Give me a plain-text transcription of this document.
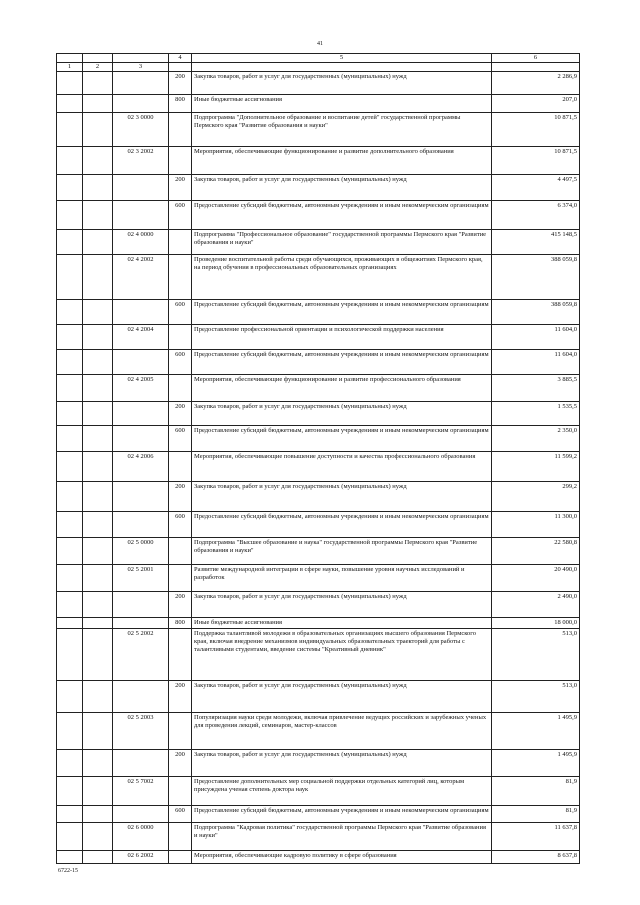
41
			4	5	6
1	2	3			
			200	Закупка товаров, работ и услуг для государственных (муниципальных) нужд	2 286,9
			800	Иные бюджетные ассигнования	207,0
		02 3 0000		Подпрограмма "Дополнительное образование и воспитание детей" государственной программы Пермского края "Развитие образования и науки"	10 871,5
		02 3 2002		Мероприятия, обеспечивающие функционирование и развитие дополнительного образования	10 871,5
			200	Закупка товаров, работ и услуг для государственных (муниципальных) нужд	4 497,5
			600	Предоставление субсидий бюджетным, автономным учреждениям и иным некоммерческим организациям	6 374,0
		02 4 0000		Подпрограмма "Профессиональное образование" государственной программы Пермского края "Развитие образования и науки"	415 148,5
		02 4 2002		Проведение воспитательной работы среди обучающихся, проживающих в общежитиях Пермского края, на период обучения в профессиональных образовательных организациях	388 059,8
			600	Предоставление субсидий бюджетным, автономным учреждениям и иным некоммерческим организациям	388 059,8
		02 4 2004		Предоставление профессиональной ориентации и психологической поддержки населения	11 604,0
			600	Предоставление субсидий бюджетным, автономным учреждениям и иным некоммерческим организациям	11 604,0
		02 4 2005		Мероприятия, обеспечивающие функционирование и развитие профессионального образования	3 885,5
			200	Закупка товаров, работ и услуг для государственных (муниципальных) нужд	1 535,5
			600	Предоставление субсидий бюджетным, автономным учреждениям и иным некоммерческим организациям	2 350,0
		02 4 2006		Мероприятия, обеспечивающие повышение доступности и качества профессионального образования	11 599,2
			200	Закупка товаров, работ и услуг для государственных (муниципальных) нужд	299,2
			600	Предоставление субсидий бюджетным, автономным учреждениям и иным некоммерческим организациям	11 300,0
		02 5 0000		Подпрограмма "Высшее образование и наука" государственной программы Пермского края "Развитие образования и науки"	22 580,8
		02 5 2001		Развитие международной интеграции в сфере науки, повышение уровня научных исследований и разработок	20 490,0
			200	Закупка товаров, работ и услуг для государственных (муниципальных) нужд	2 490,0
			800	Иные бюджетные ассигнования	18 000,0
		02 5 2002		Поддержка талантливой молодежи в образовательных организациях высшего образования Пермского края, включая внедрение механизмов индивидуальных образовательных траекторий для работы с талантливыми студентами, введение системы "Креативный дневник"	513,0
			200	Закупка товаров, работ и услуг для государственных (муниципальных) нужд	513,0
		02 5 2003		Популяризация науки среди молодежи, включая привлечение ведущих российских и зарубежных ученых для проведения лекций, семинаров, мастер-классов	1 495,9
			200	Закупка товаров, работ и услуг для государственных (муниципальных) нужд	1 495,9
		02 5 7002		Предоставление дополнительных мер социальной поддержки отдельных категорий лиц, которым присуждена ученая степень доктора наук	81,9
			600	Предоставление субсидий бюджетным, автономным учреждениям и иным некоммерческим организациям	81,9
		02 6 0000		Подпрограмма "Кадровая политика" государственной программы Пермского края "Развитие образования и науки"	11 637,8
		02 6 2002		Мероприятия, обеспечивающие кадровую политику в сфере образования	8 637,8
6722-15
